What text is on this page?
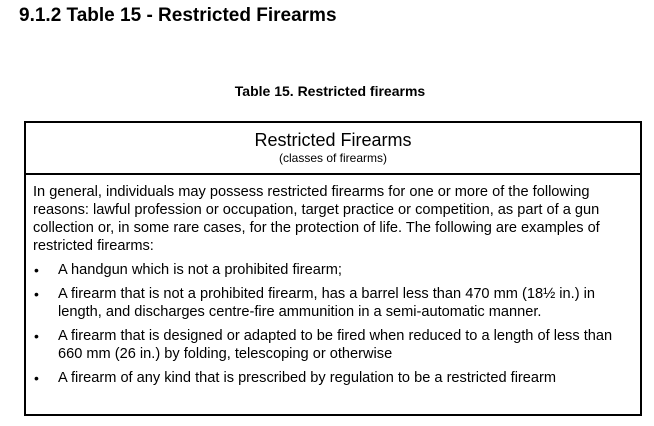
9.1.2 Table 15 - Restricted Firearms
Table 15. Restricted firearms
Restricted Firearms
(classes of firearms)

In general, individuals may possess restricted firearms for one or more of the following reasons: lawful profession or occupation, target practice or competition, as part of a gun collection or, in some rare cases, for the protection of life. The following are examples of restricted firearms:

• A handgun which is not a prohibited firearm;
• A firearm that is not a prohibited firearm, has a barrel less than 470 mm (18½ in.) in length, and discharges centre-fire ammunition in a semi-automatic manner.
• A firearm that is designed or adapted to be fired when reduced to a length of less than 660 mm (26 in.) by folding, telescoping or otherwise
• A firearm of any kind that is prescribed by regulation to be a restricted firearm
